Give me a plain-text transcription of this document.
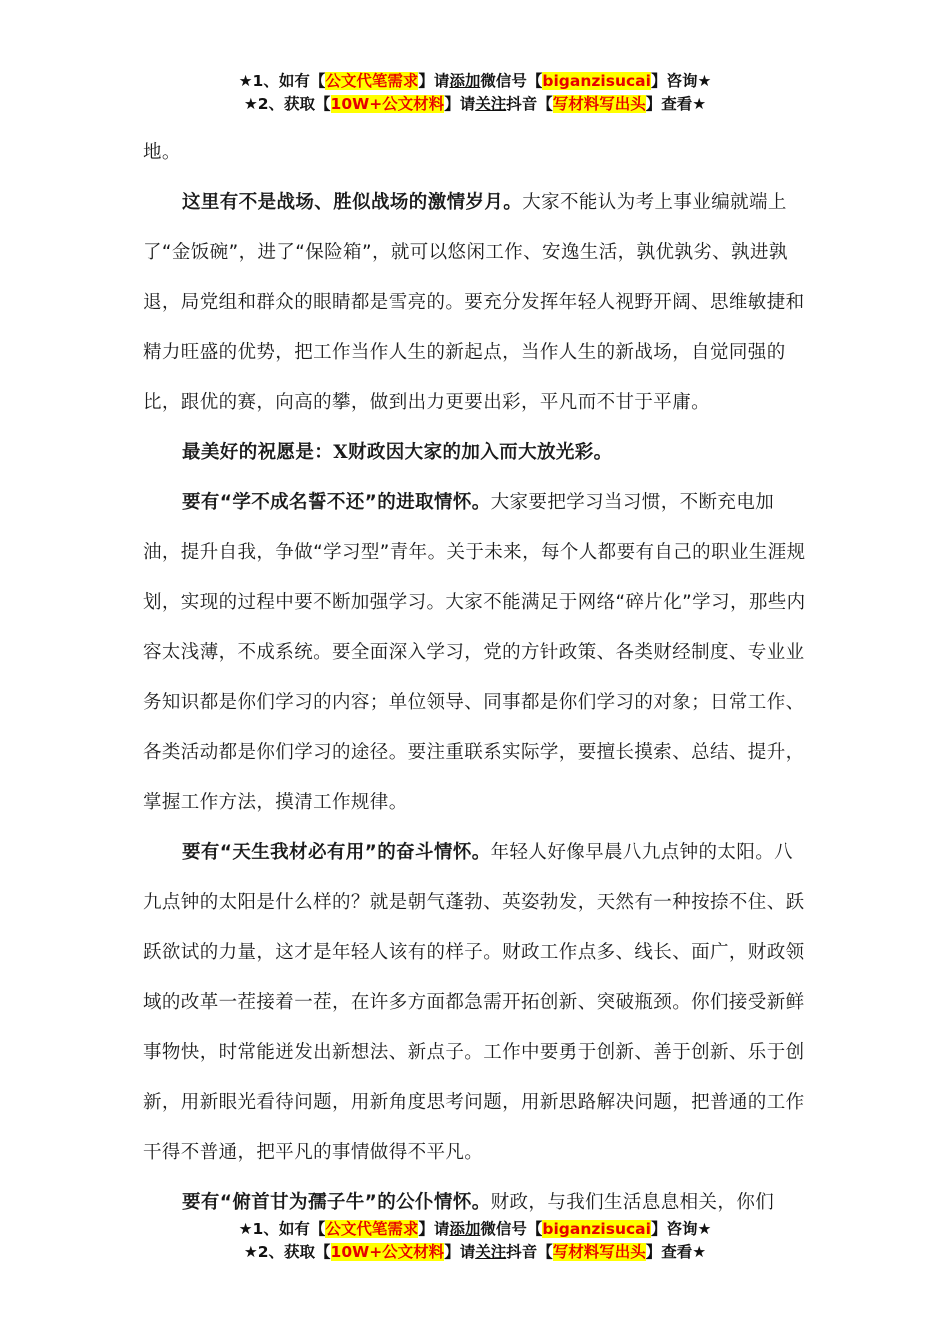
★1、如有【公文代笔需求】请添加微信号【biganzisucai】咨询★
★2、获取【10W+公文材料】请关注抖音【写材料写出头】查看★

地。

这里有不是战场、胜似战场的激情岁月。大家不能认为考上事业编就端上了“金饭碗”，进了“保险箱”，就可以悠闲工作、安逸生活，孰优孰劣、孰进孰退，局党组和群众的眼睛都是雪亮的。要充分发挥年轻人视野开阔、思维敏捷和精力旺盛的优势，把工作当作人生的新起点，当作人生的新战场，自觉同强的比，跟优的赛，向高的攀，做到出力更要出彩，平凡而不甘于平庸。

最美好的祝愿是：X财政因大家的加入而大放光彩。

要有“学不成名誓不还”的进取情怀。大家要把学习当习惯，不断充电加油，提升自我，争做“学习型”青年。关于未来，每个人都要有自己的职业生涯规划，实现的过程中要不断加强学习。大家不能满足于网络“碎片化”学习，那些内容太浅薄，不成系统。要全面深入学习，党的方针政策、各类财经制度、专业业务知识都是你们学习的内容；单位领导、同事都是你们学习的对象；日常工作、各类活动都是你们学习的途径。要注重联系实际学，要擅长摸索、总结、提升，掌握工作方法，摸清工作规律。

要有“天生我材必有用”的奋斗情怀。年轻人好像早晨八九点钟的太阳。八九点钟的太阳是什么样的？就是朝气蓬勃、英姿勃发，天然有一种按捺不住、跃跃欲试的力量，这才是年轻人该有的样子。财政工作点多、线长、面广，财政领域的改革一茬接着一茬，在许多方面都急需开拓创新、突破瓶颈。你们接受新鲜事物快，时常能迸发出新想法、新点子。工作中要勇于创新、善于创新、乐于创新，用新眼光看待问题，用新角度思考问题，用新思路解决问题，把普通的工作干得不普通，把平凡的事情做得不平凡。

要有“俯首甘为孺子牛”的公仆情怀。财政，与我们生活息息相关，你们

★1、如有【公文代笔需求】请添加微信号【biganzisucai】咨询★
★2、获取【10W+公文材料】请关注抖音【写材料写出头】查看★
